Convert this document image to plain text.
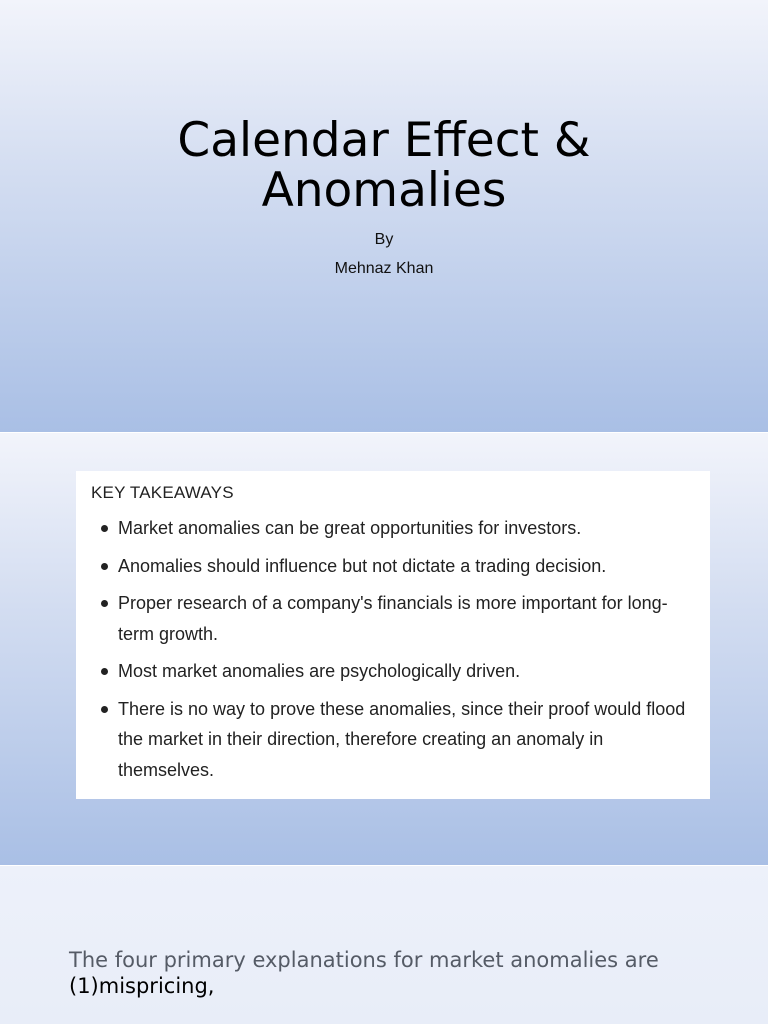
Calendar Effect &
Anomalies
By
Mehnaz Khan
KEY TAKEAWAYS
Market anomalies can be great opportunities for investors.
Anomalies should influence but not dictate a trading decision.
Proper research of a company's financials is more important for long-term growth.
Most market anomalies are psychologically driven.
There is no way to prove these anomalies, since their proof would flood the market in their direction, therefore creating an anomaly in themselves.
The four primary explanations for market anomalies are
(1)mispricing,
